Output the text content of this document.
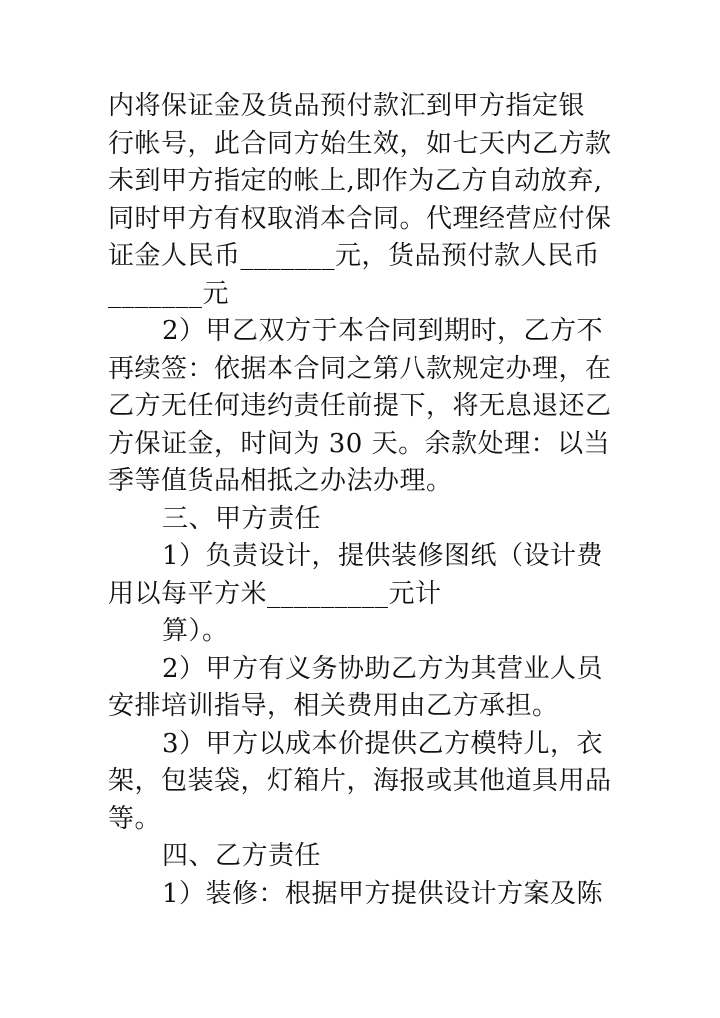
内将保证金及货品预付款汇到甲方指定银
行帐号，此合同方始生效，如七天内乙方款
未到甲方指定的帐上,即作为乙方自动放弃,
同时甲方有权取消本合同。代理经营应付保
证金人民币_______元，货品预付款人民币
_______元
2）甲乙双方于本合同到期时，乙方不
再续签：依据本合同之第八款规定办理，在
乙方无任何违约责任前提下，将无息退还乙
方保证金，时间为 30 天。余款处理：以当
季等值货品相抵之办法办理。
三、甲方责任
1）负责设计，提供装修图纸（设计费
用以每平方米_________元计
算）。
2）甲方有义务协助乙方为其营业人员
安排培训指导，相关费用由乙方承担。
3）甲方以成本价提供乙方模特儿，衣
架，包装袋，灯箱片，海报或其他道具用品
等。
四、乙方责任
1）装修：根据甲方提供设计方案及陈
